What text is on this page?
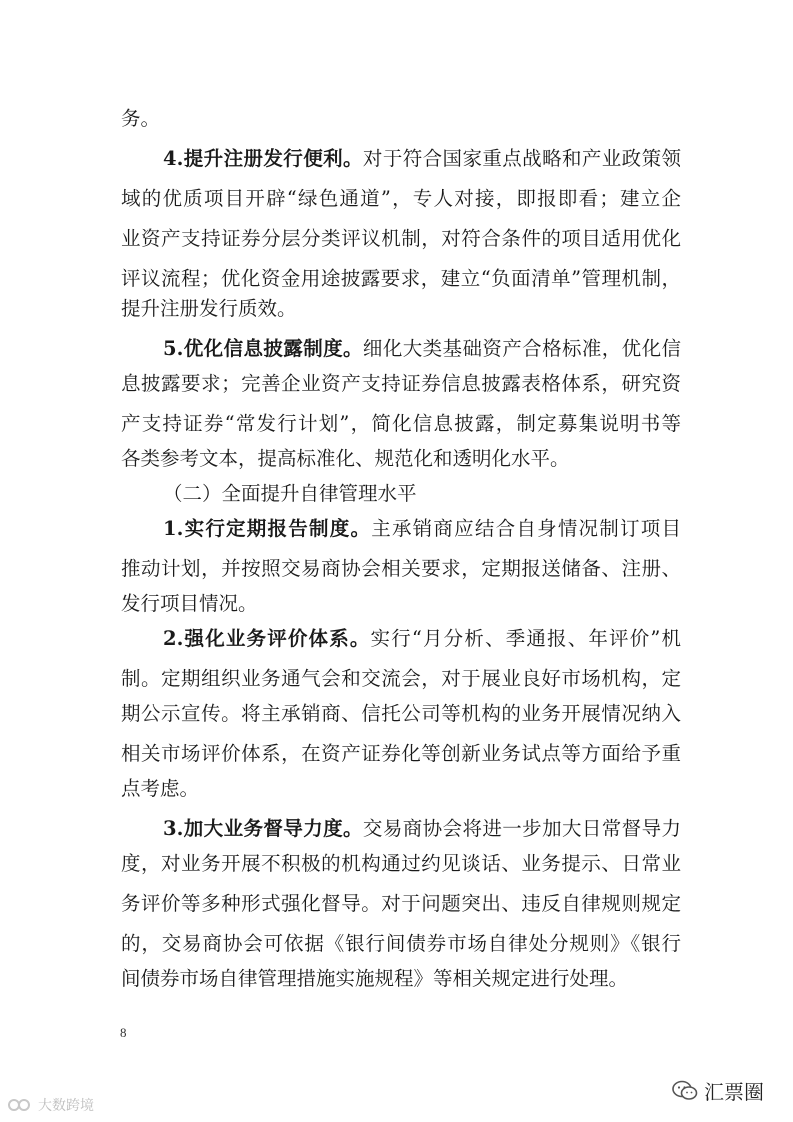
务。
4.提升注册发行便利。对于符合国家重点战略和产业政策领
域的优质项目开辟“绿色通道”，专人对接，即报即看；建立企
业资产支持证券分层分类评议机制，对符合条件的项目适用优化
评议流程；优化资金用途披露要求，建立“负面清单”管理机制，
提升注册发行质效。
5.优化信息披露制度。细化大类基础资产合格标准，优化信
息披露要求；完善企业资产支持证券信息披露表格体系，研究资
产支持证券“常发行计划”，简化信息披露，制定募集说明书等
各类参考文本，提高标准化、规范化和透明化水平。
（二）全面提升自律管理水平
1.实行定期报告制度。主承销商应结合自身情况制订项目
推动计划，并按照交易商协会相关要求，定期报送储备、注册、
发行项目情况。
2.强化业务评价体系。实行“月分析、季通报、年评价”机
制。定期组织业务通气会和交流会，对于展业良好市场机构，定
期公示宣传。将主承销商、信托公司等机构的业务开展情况纳入
相关市场评价体系，在资产证券化等创新业务试点等方面给予重
点考虑。
3.加大业务督导力度。交易商协会将进一步加大日常督导力
度，对业务开展不积极的机构通过约见谈话、业务提示、日常业
务评价等多种形式强化督导。对于问题突出、违反自律规则规定
的，交易商协会可依据《银行间债券市场自律处分规则》《银行
间债券市场自律管理措施实施规程》等相关规定进行处理。
8
大数跨境
汇票圈
